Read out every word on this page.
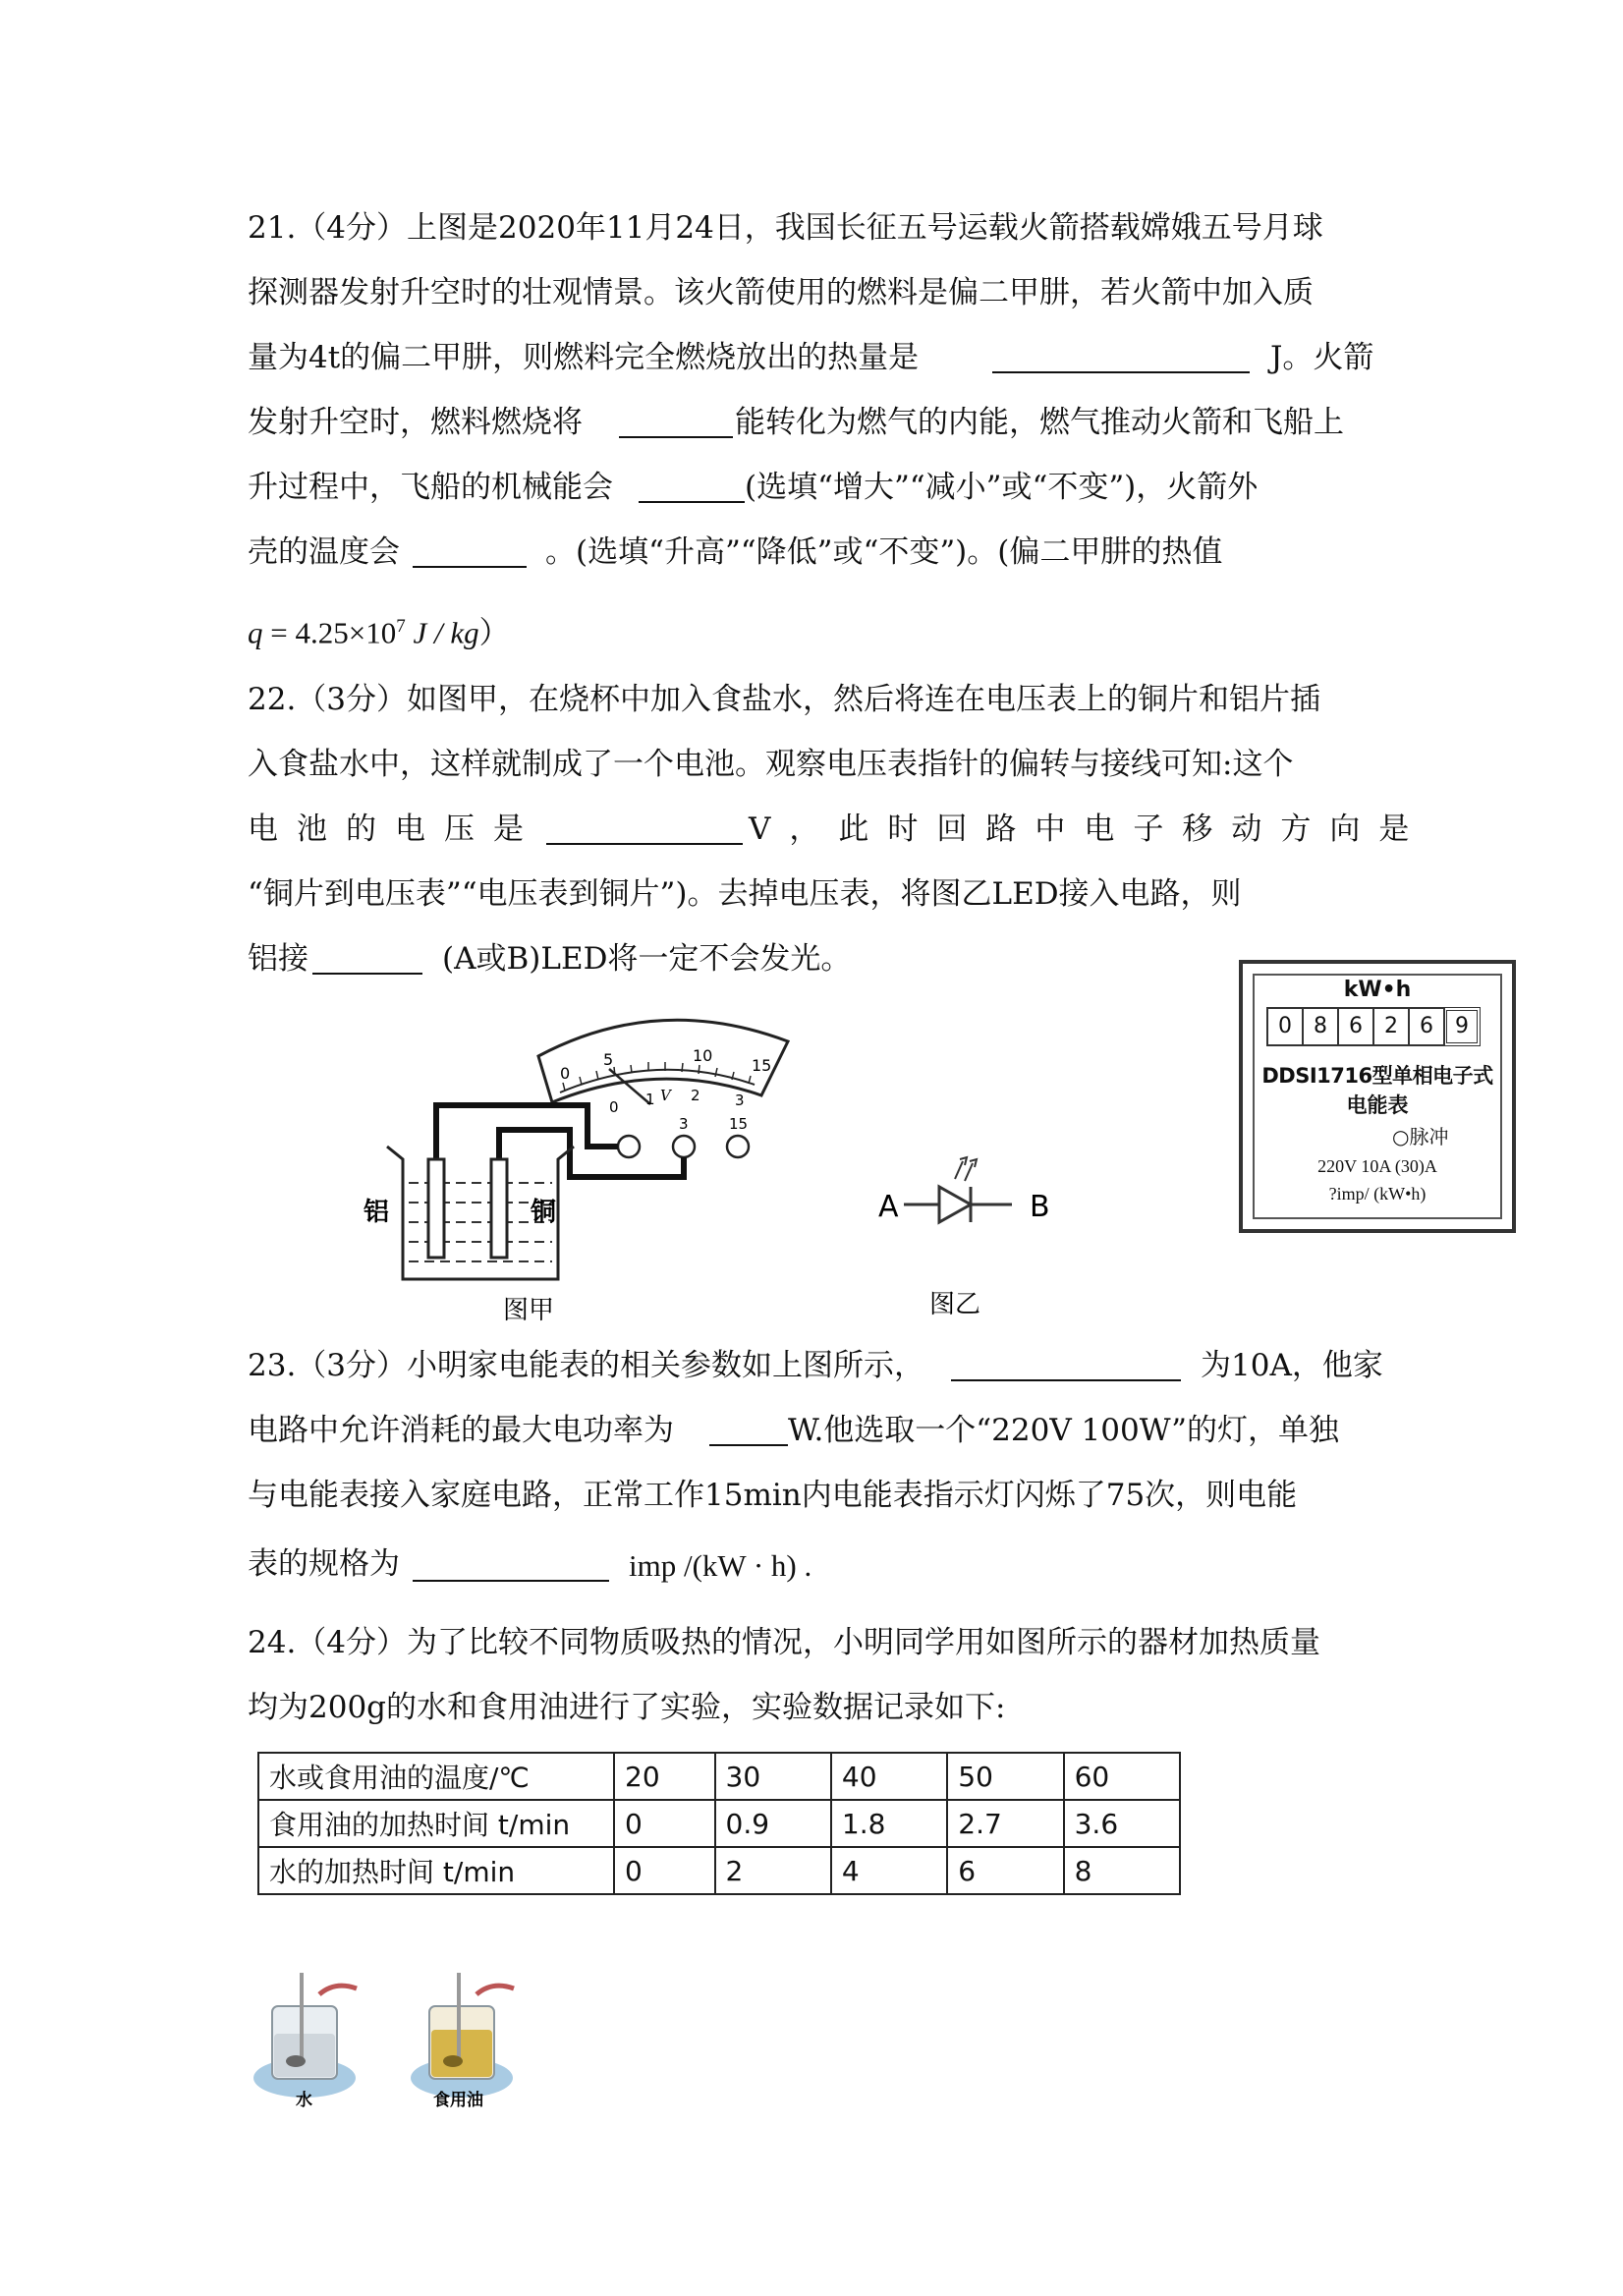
21.（4分）上图是2020年11月24日，我国长征五号运载火箭搭载嫦娥五号月球
探测器发射升空时的壮观情景。该火箭使用的燃料是偏二甲肼，若火箭中加入质
量为4t的偏二甲肼，则燃料完全燃烧放出的热量是	J。火箭
发射升空时，燃料燃烧将	能转化为燃气的内能，燃气推动火箭和飞船上
升过程中，飞船的机械能会	(选填“增大”“减小”或“不变”)，火箭外
壳的温度会	。(选填“升高”“降低”或“不变”)。(偏二甲肼的热值
$q = 4.25\times 10^7$ J / kg）
22.（3分）如图甲，在烧杯中加入食盐水，然后将连在电压表上的铜片和铝片插
入食盐水中，这样就制成了一个电池。观察电压表指针的偏转与接线可知:这个
电池的电压是	V，此时回路中电子移动方向是
“铜片到电压表”“电压表到铜片”)。去掉电压表，将图乙LED接入电路，则
铝接	(A或B)LED将一定不会发光。
0
5	10
15
0 1 2 3
V
3	15
铝	铜
图甲
A	B
图乙
kW•h
0	8	6	2	6	9
DDSI1716型单相电子式
电能表
○脉冲
220V 10A (30)A
?imp/ (kW•h)
23.（3分）小明家电能表的相关参数如上图所示，	为10A，他家
电路中允许消耗的最大电功率为	W.他选取一个“220V 100W”的灯，单独
与电能表接入家庭电路，正常工作15min内电能表指示灯闪烁了75次，则电能
表的规格为	imp /(kW · h) .
24.（4分）为了比较不同物质吸热的情况，小明同学用如图所示的器材加热质量
均为200g的水和食用油进行了实验，实验数据记录如下:
水或食用油的温度/℃	20	30	40	50	60
食用油的加热时间 t/min	0	0.9	1.8	2.7	3.6
水的加热时间 t/min	0	2	4	6	8
水	食用油
